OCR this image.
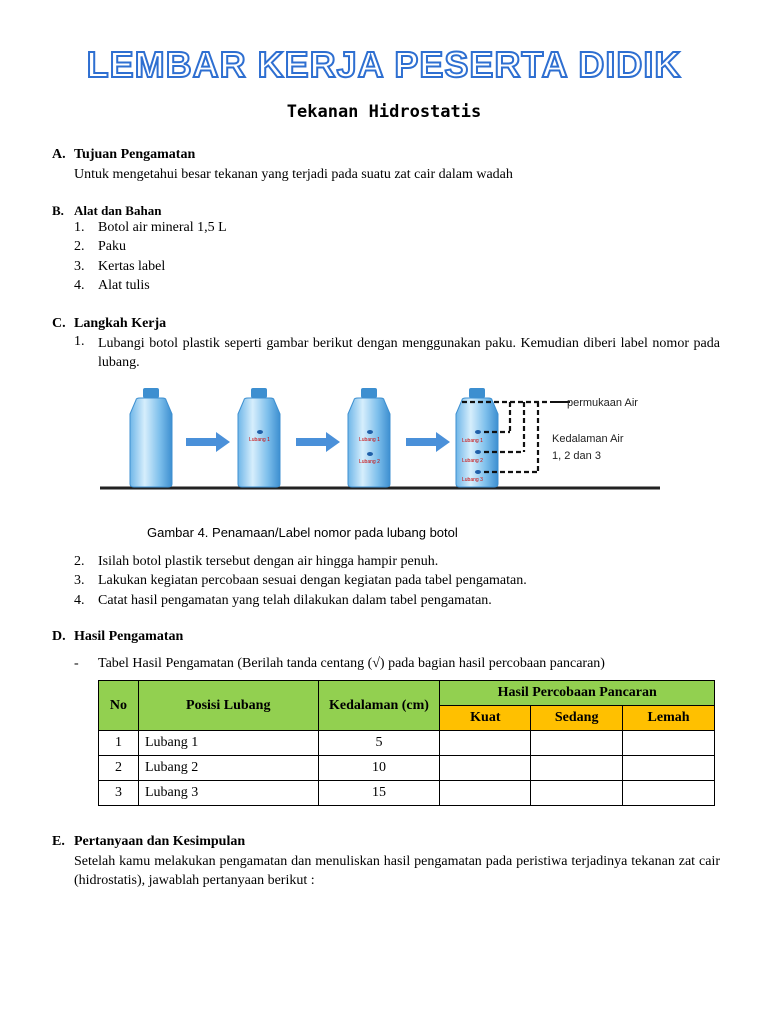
LEMBAR KERJA PESERTA DIDIK
Tekanan Hidrostatis
A. Tujuan Pengamatan
Untuk mengetahui besar tekanan yang terjadi pada suatu zat cair dalam wadah
B. Alat dan Bahan
1. Botol air mineral 1,5 L
2. Paku
3. Kertas label
4. Alat tulis
C. Langkah Kerja
1. Lubangi botol plastik seperti gambar berikut dengan menggunakan paku. Kemudian diberi label nomor pada lubang.
Lubang 1	Lubang 1
Lubang 2
Lubang 1
Lubang 2
Lubang 3
permukaan Air
Kedalaman Air
1, 2 dan 3
Gambar 4. Penamaan/Label nomor pada lubang botol
2. Isilah botol plastik tersebut dengan air hingga hampir penuh.
3. Lakukan kegiatan percobaan sesuai dengan kegiatan pada tabel pengamatan.
4. Catat hasil pengamatan yang telah dilakukan dalam tabel pengamatan.
D. Hasil Pengamatan
- Tabel Hasil Pengamatan (Berilah tanda centang (√) pada bagian hasil percobaan pancaran)
No	Posisi Lubang	Kedalaman (cm)	Hasil Percobaan Pancaran		
			Kuat	Sedang	Lemah
1	Lubang 1	5			
2	Lubang 2	10			
3	Lubang 3	15			
E. Pertanyaan dan Kesimpulan
Setelah kamu melakukan pengamatan dan menuliskan hasil pengamatan pada peristiwa terjadinya tekanan zat cair (hidrostatis), jawablah pertanyaan berikut :
